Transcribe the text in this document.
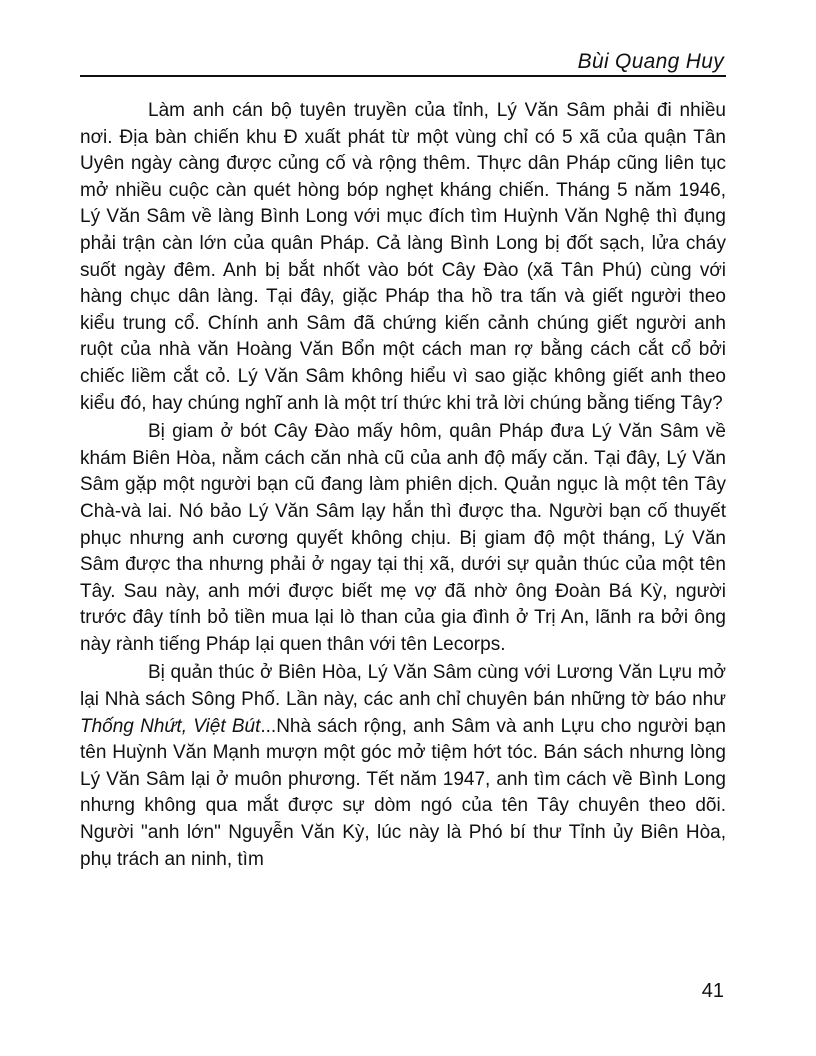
Bùi Quang Huy

Làm anh cán bộ tuyên truyền của tỉnh, Lý Văn Sâm phải đi nhiều nơi. Địa bàn chiến khu Đ xuất phát từ một vùng chỉ có 5 xã của quận Tân Uyên ngày càng được củng cố và rộng thêm. Thực dân Pháp cũng liên tục mở nhiều cuộc càn quét hòng bóp nghẹt kháng chiến. Tháng 5 năm 1946, Lý Văn Sâm về làng Bình Long với mục đích tìm Huỳnh Văn Nghệ thì đụng phải trận càn lớn của quân Pháp. Cả làng Bình Long bị đốt sạch, lửa cháy suốt ngày đêm. Anh bị bắt nhốt vào bót Cây Đào (xã Tân Phú) cùng với hàng chục dân làng. Tại đây, giặc Pháp tha hồ tra tấn và giết người theo kiểu trung cổ. Chính anh Sâm đã chứng kiến cảnh chúng giết người anh ruột của nhà văn Hoàng Văn Bổn một cách man rợ bằng cách cắt cổ bởi chiếc liềm cắt cỏ. Lý Văn Sâm không hiểu vì sao giặc không giết anh theo kiểu đó, hay chúng nghĩ anh là một trí thức khi trả lời chúng bằng tiếng Tây?

Bị giam ở bót Cây Đào mấy hôm, quân Pháp đưa Lý Văn Sâm về khám Biên Hòa, nằm cách căn nhà cũ của anh độ mấy căn. Tại đây, Lý Văn Sâm gặp một người bạn cũ đang làm phiên dịch. Quản ngục là một tên Tây Chà-và lai. Nó bảo Lý Văn Sâm lạy hắn thì được tha. Người bạn cố thuyết phục nhưng anh cương quyết không chịu. Bị giam độ một tháng, Lý Văn Sâm được tha nhưng phải ở ngay tại thị xã, dưới sự quản thúc của một tên Tây. Sau này, anh mới được biết mẹ vợ đã nhờ ông Đoàn Bá Kỳ, người trước đây tính bỏ tiền mua lại lò than của gia đình ở Trị An, lãnh ra bởi ông này rành tiếng Pháp lại quen thân với tên Lecorps.

Bị quản thúc ở Biên Hòa, Lý Văn Sâm cùng với Lương Văn Lựu mở lại Nhà sách Sông Phố. Lần này, các anh chỉ chuyên bán những tờ báo như Thống Nhứt, Việt Bút...Nhà sách rộng, anh Sâm và anh Lựu cho người bạn tên Huỳnh Văn Mạnh mượn một góc mở tiệm hớt tóc. Bán sách nhưng lòng Lý Văn Sâm lại ở muôn phương. Tết năm 1947, anh tìm cách về Bình Long nhưng không qua mắt được sự dòm ngó của tên Tây chuyên theo dõi. Người "anh lớn" Nguyễn Văn Kỳ, lúc này là Phó bí thư Tỉnh ủy Biên Hòa, phụ trách an ninh, tìm

41
